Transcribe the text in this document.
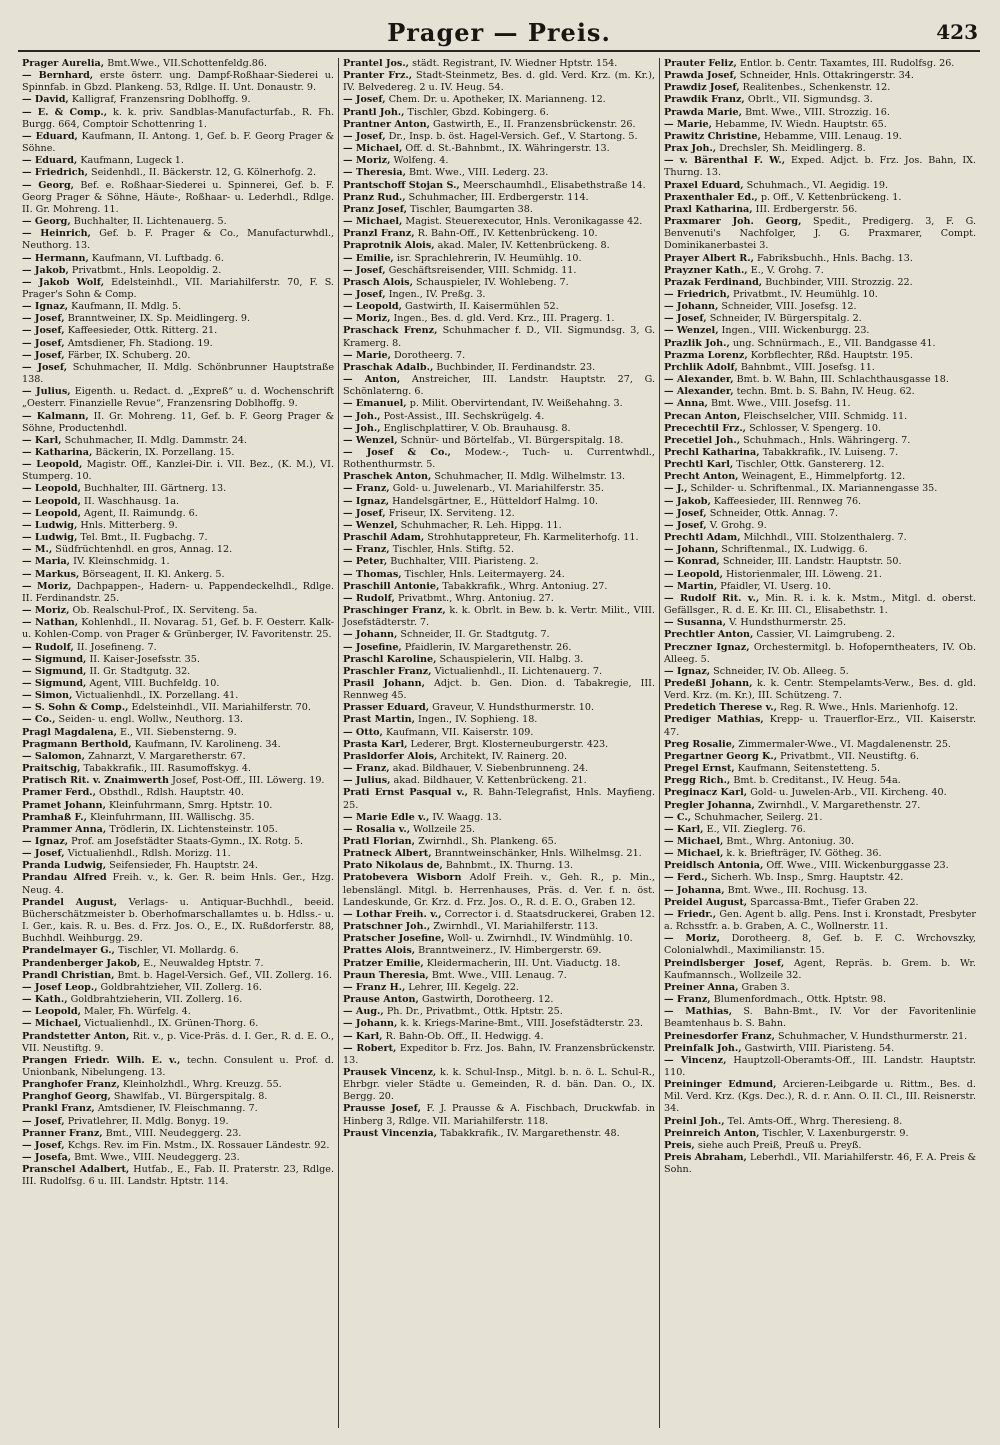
Prager — Preis.	423

Prager Aurelia, Bmt.Wwe., VII.Schottenfeldg.86.

— Bernhard, erste österr. ung. Dampf-Roßhaar-Siederei u. Spinnfab. in Gbzd. Plankeng. 53, Rdlge. II. Unt. Donaustr. 9.

— David, Kalligraf, Franzensring Doblhoffg. 9.

— E. & Comp., k. k. priv. Sandblas-Manufacturfab., R. Fh. Burgg. 664, Comptoir Schottenring 1.

— Eduard, Kaufmann, II. Antong. 1, Gef. b. F. Georg Prager & Söhne.

— Eduard, Kaufmann, Lugeck 1.

— Friedrich, Seidenhdl., II. Bäckerstr. 12, G. Kölnerhofg. 2.

— Georg, Bef. e. Roßhaar-Siederei u. Spinnerei, Gef. b. F. Georg Prager & Söhne, Häute-, Roßhaar- u. Lederhdl., Rdlge. II. Gr. Mohreng. 11.

— Georg, Buchhalter, II. Lichtenauerg. 5.

— Heinrich, Gef. b. F. Prager & Co., Manufacturwhdl., Neuthorg. 13.

— Hermann, Kaufmann, VI. Luftbadg. 6.

— Jakob, Privatbmt., Hnls. Leopoldig. 2.

— Jakob Wolf, Edelsteinhdl., VII. Mariahilferstr. 70, F. S. Prager's Sohn & Comp.

— Ignaz, Kaufmann, II. Mdlg. 5.

— Josef, Branntweiner, IX. Sp. Meidlingerg. 9.

— Josef, Kaffeesieder, Ottk. Ritterg. 21.

— Josef, Amtsdiener, Fh. Stadiong. 19.

— Josef, Färber, IX. Schuberg. 20.

— Josef, Schuhmacher, II. Mdlg. Schönbrunner Hauptstraße 138.

— Julius, Eigenth. u. Redact. d. „Expreß“ u. d. Wochenschrift „Oesterr. Finanzielle Revue“, Franzensring Doblhoffg. 9.

— Kalmann, II. Gr. Mohreng. 11, Gef. b. F. Georg Prager & Söhne, Productenhdl.

— Karl, Schuhmacher, II. Mdlg. Dammstr. 24.

— Katharina, Bäckerin, IX. Porzellang. 15.

— Leopold, Magistr. Off., Kanzlei-Dir. i. VII. Bez., (K. M.), VI. Stumperg. 10.

— Leopold, Buchhalter, III. Gärtnerg. 13.

— Leopold, II. Waschhausg. 1a.

— Leopold, Agent, II. Raimundg. 6.

— Ludwig, Hnls. Mitterberg. 9.

— Ludwig, Tel. Bmt., II. Fugbachg. 7.

— M., Südfrüchtenhdl. en gros, Annag. 12.

— Maria, IV. Kleinschmidg. 1.

— Markus, Börseagent, II. Kl. Ankerg. 5.

— Moriz, Dachpappen-, Hadern- u. Pappendeckelhdl., Rdlge. II. Ferdinandstr. 25.

— Moriz, Ob. Realschul-Prof., IX. Serviteng. 5a.

— Nathan, Kohlenhdl., II. Novarag. 51, Gef. b. F. Oesterr. Kalk- u. Kohlen-Comp. von Prager & Grünberger, IV. Favoritenstr. 25.

— Rudolf, II. Josefineng. 7.

— Sigmund, II. Kaiser-Josefsstr. 35.

— Sigmund, II. Gr. Stadtgutg. 32.

— Sigmund, Agent, VIII. Buchfeldg. 10.

— Simon, Victualienhdl., IX. Porzellang. 41.

— S. Sohn & Comp., Edelsteinhdl., VII. Mariahilferstr. 70.

— Co., Seiden- u. engl. Wollw., Neuthorg. 13.

Pragl Magdalena, E., VII. Siebensterng. 9.

Pragmann Berthold, Kaufmann, IV. Karolineng. 34.

— Salomon, Zahnarzt, V. Margaretherstr. 67.

Praitschig, Tabakkrafik., III. Rasumoffskyg. 4.

Pratisch Rit. v. Znaimwerth Josef, Post-Off., III. Löwerg. 19.

Pramer Ferd., Obsthdl., Rdlsh. Hauptstr. 40.

Pramet Johann, Kleinfuhrmann, Smrg. Hptstr. 10.

Pramhaß F., Kleinfuhrmann, III. Wällischg. 35.

Prammer Anna, Trödlerin, IX. Lichtensteinstr. 105.

— Ignaz, Prof. am Josefstädter Staats-Gymn., IX. Rotg. 5.

— Josef, Victualienhdl., Rdlsh. Morizg. 11.

Pranda Ludwig, Seifensieder, Fh. Hauptstr. 24.

Prandau Alfred Freih. v., k. Ger. R. beim Hnls. Ger., Hzg. Neug. 4.

Prandel August, Verlags- u. Antiquar-Buchhdl., beeid. Bücherschätzmeister b. Oberhofmarschallamtes u. b. Hdlss.- u. I. Ger., kais. R. u. Bes. d. Frz. Jos. O., E., IX. Rußdorferstr. 88, Buchhdl. Weihburgg. 29.

Prandelmayer G., Tischler, VI. Mollardg. 6.

Prandenberger Jakob, E., Neuwaldeg Hptstr. 7.

Prandl Christian, Bmt. b. Hagel-Versich. Gef., VII. Zollerg. 16.

— Josef Leop., Goldbrahtzieher, VII. Zollerg. 16.

— Kath., Goldbrahtzieherin, VII. Zollerg. 16.

— Leopold, Maler, Fh. Würfelg. 4.

— Michael, Victualienhdl., IX. Grünen-Thorg. 6.

Prandstetter Anton, Rit. v., p. Vice-Präs. d. I. Ger., R. d. E. O., VII. Neustiftg. 9.

Prangen Friedr. Wilh. E. v., techn. Consulent u. Prof. d. Unionbank, Nibelungeng. 13.

Pranghofer Franz, Kleinholzhdl., Whrg. Kreuzg. 55.

Pranghof Georg, Shawlfab., VI. Bürgerspitalg. 8.

Prankl Franz, Amtsdiener, IV. Fleischmanng. 7.

— Josef, Privatlehrer, II. Mdlg. Bonyg. 19.

Pranner Franz, Bmt., VIII. Neudeggerg. 23.

— Josef, Kchgs. Rev. im Fin. Mstm., IX. Rossauer Ländestr. 92.

— Josefa, Bmt. Wwe., VIII. Neudeggerg. 23.

Pranschel Adalbert, Hutfab., E., Fab. II. Praterstr. 23, Rdlge. III. Rudolfsg. 6 u. III. Landstr. Hptstr. 114.

Prantel Jos., städt. Registrant, IV. Wiedner Hptstr. 154.

Pranter Frz., Stadt-Steinmetz, Bes. d. gld. Verd. Krz. (m. Kr.), IV. Belvedereg. 2 u. IV. Heug. 54.

— Josef, Chem. Dr. u. Apotheker, IX. Marianneng. 12.

Prantl Joh., Tischler, Gbzd. Kobingerg. 6.

Prantner Anton, Gastwirth, E., II. Franzensbrückenstr. 26.

— Josef, Dr., Insp. b. öst. Hagel-Versich. Gef., V. Startong. 5.

— Michael, Off. d. St.-Bahnbmt., IX. Währingerstr. 13.

— Moriz, Wolfeng. 4.

— Theresia, Bmt. Wwe., VIII. Lederg. 23.

Prantschoff Stojan S., Meerschaumhdl., Elisabethstraße 14.

Pranz Rud., Schuhmacher, III. Erdbergerstr. 114.

Pranz Josef, Tischler, Baumgarten 38.

— Michael, Magist. Steuerexecutor, Hnls. Veronikagasse 42.

Pranzl Franz, R. Bahn-Off., IV. Kettenbrückeng. 10.

Praprotnik Alois, akad. Maler, IV. Kettenbrückeng. 8.

— Emilie, isr. Sprachlehrerin, IV. Heumühlg. 10.

— Josef, Geschäftsreisender, VIII. Schmidg. 11.

Prasch Alois, Schauspieler, IV. Wohlebeng. 7.

— Josef, Ingen., IV. Preßg. 3.

— Leopold, Gastwirth, II. Kaisermühlen 52.

— Moriz, Ingen., Bes. d. gld. Verd. Krz., III. Pragerg. 1.

Praschack Frenz, Schuhmacher f. D., VII. Sigmundsg. 3, G. Kramerg. 8.

— Marie, Dorotheerg. 7.

Praschak Adalb., Buchbinder, II. Ferdinandstr. 23.

— Anton, Anstreicher, III. Landstr. Hauptstr. 27, G. Schönlaterng. 6.

— Emanuel, p. Milit. Obervirtendant, IV. Weißehahng. 3.

— Joh., Post-Assist., III. Sechskrügelg. 4.

— Joh., Englischplattirer, V. Ob. Brauhausg. 8.

— Wenzel, Schnür- und Börtelfab., VI. Bürgerspitalg. 18.

— Josef & Co., Modew.-, Tuch- u. Currentwhdl., Rothenthurmstr. 5.

Praschek Anton, Schuhmacher, II. Mdlg. Wilhelmstr. 13.

— Franz, Gold- u. Juwelenarb., VI. Mariahilferstr. 35.

— Ignaz, Handelsgärtner, E., Hütteldorf Halmg. 10.

— Josef, Friseur, IX. Serviteng. 12.

— Wenzel, Schuhmacher, R. Leh. Hippg. 11.

Praschil Adam, Strohhutappreteur, Fh. Karmeliterhofg. 11.

— Franz, Tischler, Hnls. Stiftg. 52.

— Peter, Buchhalter, VIII. Piaristeng. 2.

— Thomas, Tischler, Hnls. Leitermayerg. 24.

Praschill Antonie, Tabakkrafik., Whrg. Antoniug. 27.

— Rudolf, Privatbmt., Whrg. Antoniug. 27.

Praschinger Franz, k. k. Obrlt. in Bew. b. k. Vertr. Milit., VIII. Josefstädterstr. 7.

— Johann, Schneider, II. Gr. Stadtgutg. 7.

— Josefine, Pfaidlerin, IV. Margarethenstr. 26.

Praschl Karoline, Schauspielerin, VII. Halbg. 3.

Praschler Franz, Victualienhdl., II. Lichtenauerg. 7.

Prasil Johann, Adjct. b. Gen. Dion. d. Tabakregie, III. Rennweg 45.

Prasser Eduard, Graveur, V. Hundsthurmerstr. 10.

Prast Martin, Ingen., IV. Sophieng. 18.

— Otto, Kaufmann, VII. Kaiserstr. 109.

Prasta Karl, Lederer, Brgt. Klosterneuburgerstr. 423.

Prasldorfer Alois, Architekt, IV. Rainerg. 20.

— Franz, akad. Bildhauer, V. Siebenbrunneng. 24.

— Julius, akad. Bildhauer, V. Kettenbrückeng. 21.

Prati Ernst Pasqual v., R. Bahn-Telegrafist, Hnls. Mayfieng. 25.

— Marie Edle v., IV. Waagg. 13.

— Rosalia v., Wollzeile 25.

Pratl Florian, Zwirnhdl., Sh. Plankeng. 65.

Pratneck Albert, Branntweinschänker, Hnls. Wilhelmsg. 21.

Prato Nikolaus de, Bahnbmt., IX. Thurng. 13.

Pratobevera Wisborn Adolf Freih. v., Geh. R., p. Min., lebenslängl. Mitgl. b. Herrenhauses, Präs. d. Ver. f. n. öst. Landeskunde, Gr. Krz. d. Frz. Jos. O., R. d. E. O., Graben 12.

— Lothar Freih. v., Corrector i. d. Staatsdruckerei, Graben 12.

Pratschner Joh., Zwirnhdl., VI. Mariahilferstr. 113.

Pratscher Josefine, Woll- u. Zwirnhdl., IV. Windmühlg. 10.

Prattes Alois, Branntweinerz., IV. Himbergerstr. 69.

Pratzer Emilie, Kleidermacherin, III. Unt. Viaductg. 18.

Praun Theresia, Bmt. Wwe., VIII. Lenaug. 7.

— Franz H., Lehrer, III. Kegelg. 22.

Prause Anton, Gastwirth, Dorotheerg. 12.

— Aug., Ph. Dr., Privatbmt., Ottk. Hptstr. 25.

— Johann, k. k. Kriegs-Marine-Bmt., VIII. Josefstädterstr. 23.

— Karl, R. Bahn-Ob. Off., II. Hedwigg. 4.

— Robert, Expeditor b. Frz. Jos. Bahn, IV. Franzensbrückenstr. 13.

Prausek Vincenz, k. k. Schul-Insp., Mitgl. b. n. ö. L. Schul-R., Ehrbgr. vieler Städte u. Gemeinden, R. d. bän. Dan. O., IX. Bergg. 20.

Prausse Josef, F. J. Prausse & A. Fischbach, Druckwfab. in Hinberg 3, Rdlge. VII. Mariahilferstr. 118.

Praust Vincenzia, Tabakkrafik., IV. Margarethenstr. 48.

Prauter Feliz, Entlor. b. Centr. Taxamtes, III. Rudolfsg. 26.

Prawda Josef, Schneider, Hnls. Ottakringerstr. 34.

Prawdiz Josef, Realitenbes., Schenkenstr. 12.

Prawdik Franz, Obrlt., VII. Sigmundsg. 3.

Prawda Marie, Bmt. Wwe., VIII. Strozzig. 16.

— Marie, Hebamme, IV. Wiedn. Hauptstr. 65.

Prawitz Christine, Hebamme, VIII. Lenaug. 19.

Prax Joh., Drechsler, Sh. Meidlingerg. 8.

— v. Bärenthal F. W., Exped. Adjct. b. Frz. Jos. Bahn, IX. Thurng. 13.

Praxel Eduard, Schuhmach., VI. Aegidig. 19.

Praxenthaler Ed., p. Off., V. Kettenbrückeng. 1.

Praxl Katharina, III. Erdbergerstr. 56.

Praxmarer Joh. Georg, Spedit., Predigerg. 3, F. G. Benvenuti's Nachfolger, J. G. Praxmarer, Compt. Dominikanerbastei 3.

Prayer Albert R., Fabriksbuchh., Hnls. Bachg. 13.

Prayzner Kath., E., V. Grohg. 7.

Prazak Ferdinand, Buchbinder, VIII. Strozzig. 22.

— Friedrich, Privatbmt., IV. Heumühlg. 10.

— Johann, Schneider, VIII. Josefsg. 12.

— Josef, Schneider, IV. Bürgerspitalg. 2.

— Wenzel, Ingen., VIII. Wickenburgg. 23.

Prazlik Joh., ung. Schnürmach., E., VII. Bandgasse 41.

Prazma Lorenz, Korbflechter, Rßd. Hauptstr. 195.

Prchlik Adolf, Bahnbmt., VIII. Josefsg. 11.

— Alexander, Bmt. b. W. Bahn, III. Schlachthausgasse 18.

— Alexander, techn. Bmt. b. S. Bahn, IV. Heug. 62.

— Anna, Bmt. Wwe., VIII. Josefsg. 11.

Precan Anton, Fleischselcher, VIII. Schmidg. 11.

Precechtil Frz., Schlosser, V. Spengerg. 10.

Precetiel Joh., Schuhmach., Hnls. Währingerg. 7.

Prechl Katharina, Tabakkrafik., IV. Luiseng. 7.

Prechtl Karl, Tischler, Ottk. Ganstererg. 12.

Precht Anton, Weinagent, E., Himmelpfortg. 12.

— J., Schilder- u. Schriftenmal., IX. Mariannengasse 35.

— Jakob, Kaffeesieder, III. Rennweg 76.

— Josef, Schneider, Ottk. Annag. 7.

— Josef, V. Grohg. 9.

Prechtl Adam, Milchhdl., VIII. Stolzenthalerg. 7.

— Johann, Schriftenmal., IX. Ludwigg. 6.

— Konrad, Schneider, III. Landstr. Hauptstr. 50.

— Leopold, Historienmaler, III. Löweng. 21.

— Martin, Pfaidler, VI. Userg. 10.

— Rudolf Rit. v., Min. R. i. k. k. Mstm., Mitgl. d. oberst. Gefällsger., R. d. E. Kr. III. Cl., Elisabethstr. 1.

— Susanna, V. Hundsthurmerstr. 25.

Prechtler Anton, Cassier, VI. Laimgrubeng. 2.

Preczner Ignaz, Orchestermitgl. b. Hofoperntheaters, IV. Ob. Alleeg. 5.

— Ignaz, Schneider, IV. Ob. Alleeg. 5.

Predeßl Johann, k. k. Centr. Stempelamts-Verw., Bes. d. gld. Verd. Krz. (m. Kr.), III. Schützeng. 7.

Predetich Therese v., Reg. R. Wwe., Hnls. Marienhofg. 12.

Prediger Mathias, Krepp- u. Trauerflor-Erz., VII. Kaiserstr. 47.

Preg Rosalie, Zimmermaler-Wwe., VI. Magdalenenstr. 25.

Pregartner Georg K., Privatbmt., VII. Neustiftg. 6.

Pregel Ernst, Kaufmann, Seitenstetteng. 5.

Pregg Rich., Bmt. b. Creditanst., IV. Heug. 54a.

Preginacz Karl, Gold- u. Juwelen-Arb., VII. Kircheng. 40.

Pregler Johanna, Zwirnhdl., V. Margarethenstr. 27.

— C., Schuhmacher, Seilerg. 21.

— Karl, E., VII. Zieglerg. 76.

— Michael, Bmt., Whrg. Antoniug. 30.

— Michael, k. k. Briefträger, IV. Götheg. 36.

Preidlsch Antonia, Off. Wwe., VIII. Wickenburggasse 23.

— Ferd., Sicherh. Wb. Insp., Smrg. Hauptstr. 42.

— Johanna, Bmt. Wwe., III. Rochusg. 13.

Preidel August, Sparcassa-Bmt., Tiefer Graben 22.

— Friedr., Gen. Agent b. allg. Pens. Inst i. Kronstadt, Presbyter a. Rchsstfr. a. b. Graben, A. C., Wollnerstr. 11.

— Moriz, Dorotheerg. 8, Gef. b. F. C. Wrchovszky, Colonialwhdl., Maximilianstr. 15.

Preindlsberger Josef, Agent, Repräs. b. Grem. b. Wr. Kaufmannsch., Wollzeile 32.

Preiner Anna, Graben 3.

— Franz, Blumenfordmach., Ottk. Hptstr. 98.

— Mathias, S. Bahn-Bmt., IV. Vor der Favoritenlinie Beamtenhaus b. S. Bahn.

Preinesdorfer Franz, Schuhmacher, V. Hundsthurmerstr. 21.

Preinfalk Joh., Gastwirth, VIII. Piaristeng. 54.

— Vincenz, Hauptzoll-Oberamts-Off., III. Landstr. Hauptstr. 110.

Preininger Edmund, Arcieren-Leibgarde u. Rittm., Bes. d. Mil. Verd. Krz. (Kgs. Dec.), R. d. r. Ann. O. II. Cl., III. Reisnerstr. 34.

Preinl Joh., Tel. Amts-Off., Whrg. Theresieng. 8.

Preinreich Anton, Tischler, V. Laxenburgerstr. 9.

Preis, siehe auch Preiß, Preuß u. Preyß.

Preis Abraham, Leberhdl., VII. Mariahilferstr. 46, F. A. Preis & Sohn.
